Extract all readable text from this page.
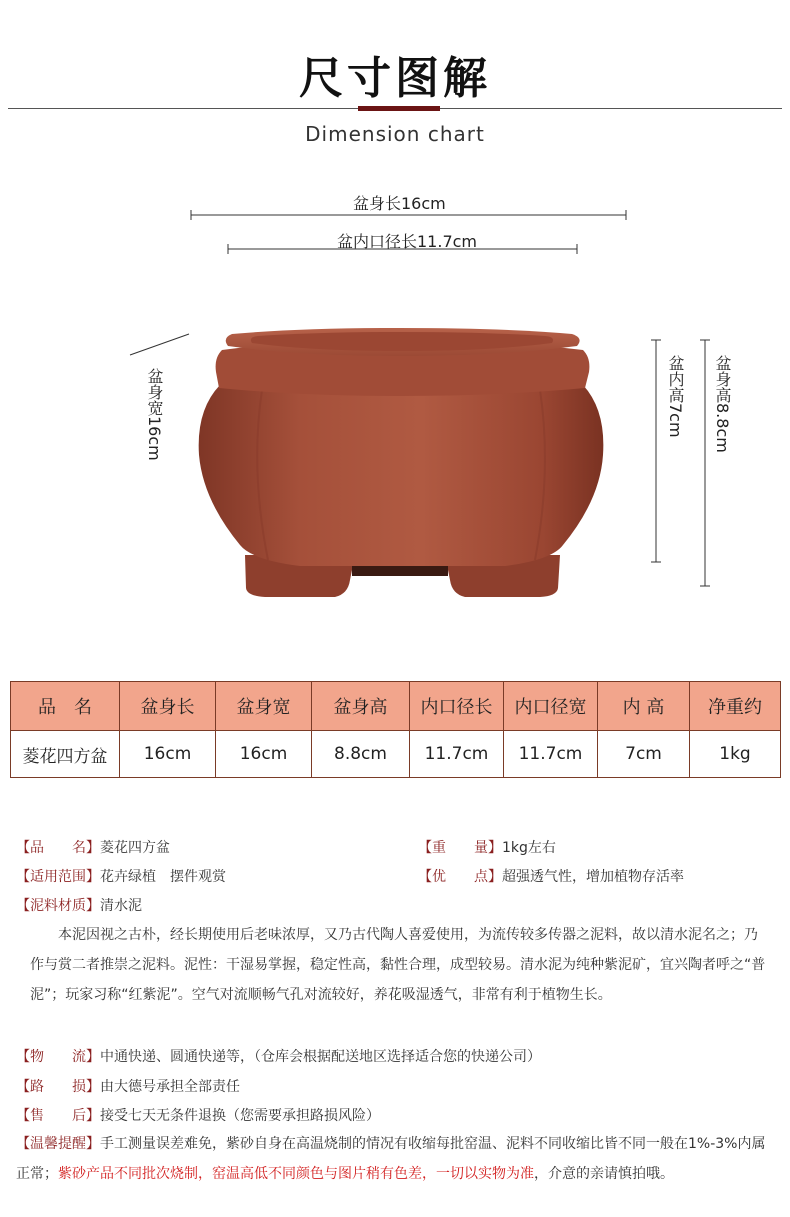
尺寸图解
Dimension chart
盆身长16cm
盆内口径长11.7cm
盆身宽16cm	盆内高7cm 盆身高8.8cm
品　名	盆身长	盆身宽	盆身高	内口径长	内口径宽	内 高	净重约
菱花四方盆	16cm	16cm	8.8cm	11.7cm	11.7cm	7cm	1kg
【品　　名】菱花四方盆	【重　　量】1kg左右
【适用范围】花卉绿植　摆件观赏	【优　　点】超强透气性，增加植物存活率
【泥料材质】清水泥
本泥因视之古朴，经长期使用后老味浓厚，又乃古代陶人喜爱使用，为流传较多传器之泥料，故以清水泥名之；乃作与赏二者推崇之泥料。泥性：干湿易掌握，稳定性高，黏性合理，成型较易。清水泥为纯种紫泥矿，宜兴陶者呼之“普泥”；玩家习称“红紫泥”。空气对流顺畅气孔对流较好，养花吸湿透气，非常有利于植物生长。
【物　　流】中通快递、圆通快递等，（仓库会根据配送地区选择适合您的快递公司）
【路　　损】由大德号承担全部责任
【售　　后】接受七天无条件退换（您需要承担路损风险）
【温馨提醒】手工测量误差难免，紫砂自身在高温烧制的情况有收缩每批窑温、泥料不同收缩比皆不同一般在1%-3%内属正常；紫砂产品不同批次烧制，窑温高低不同颜色与图片稍有色差，一切以实物为准，介意的亲请慎拍哦。
